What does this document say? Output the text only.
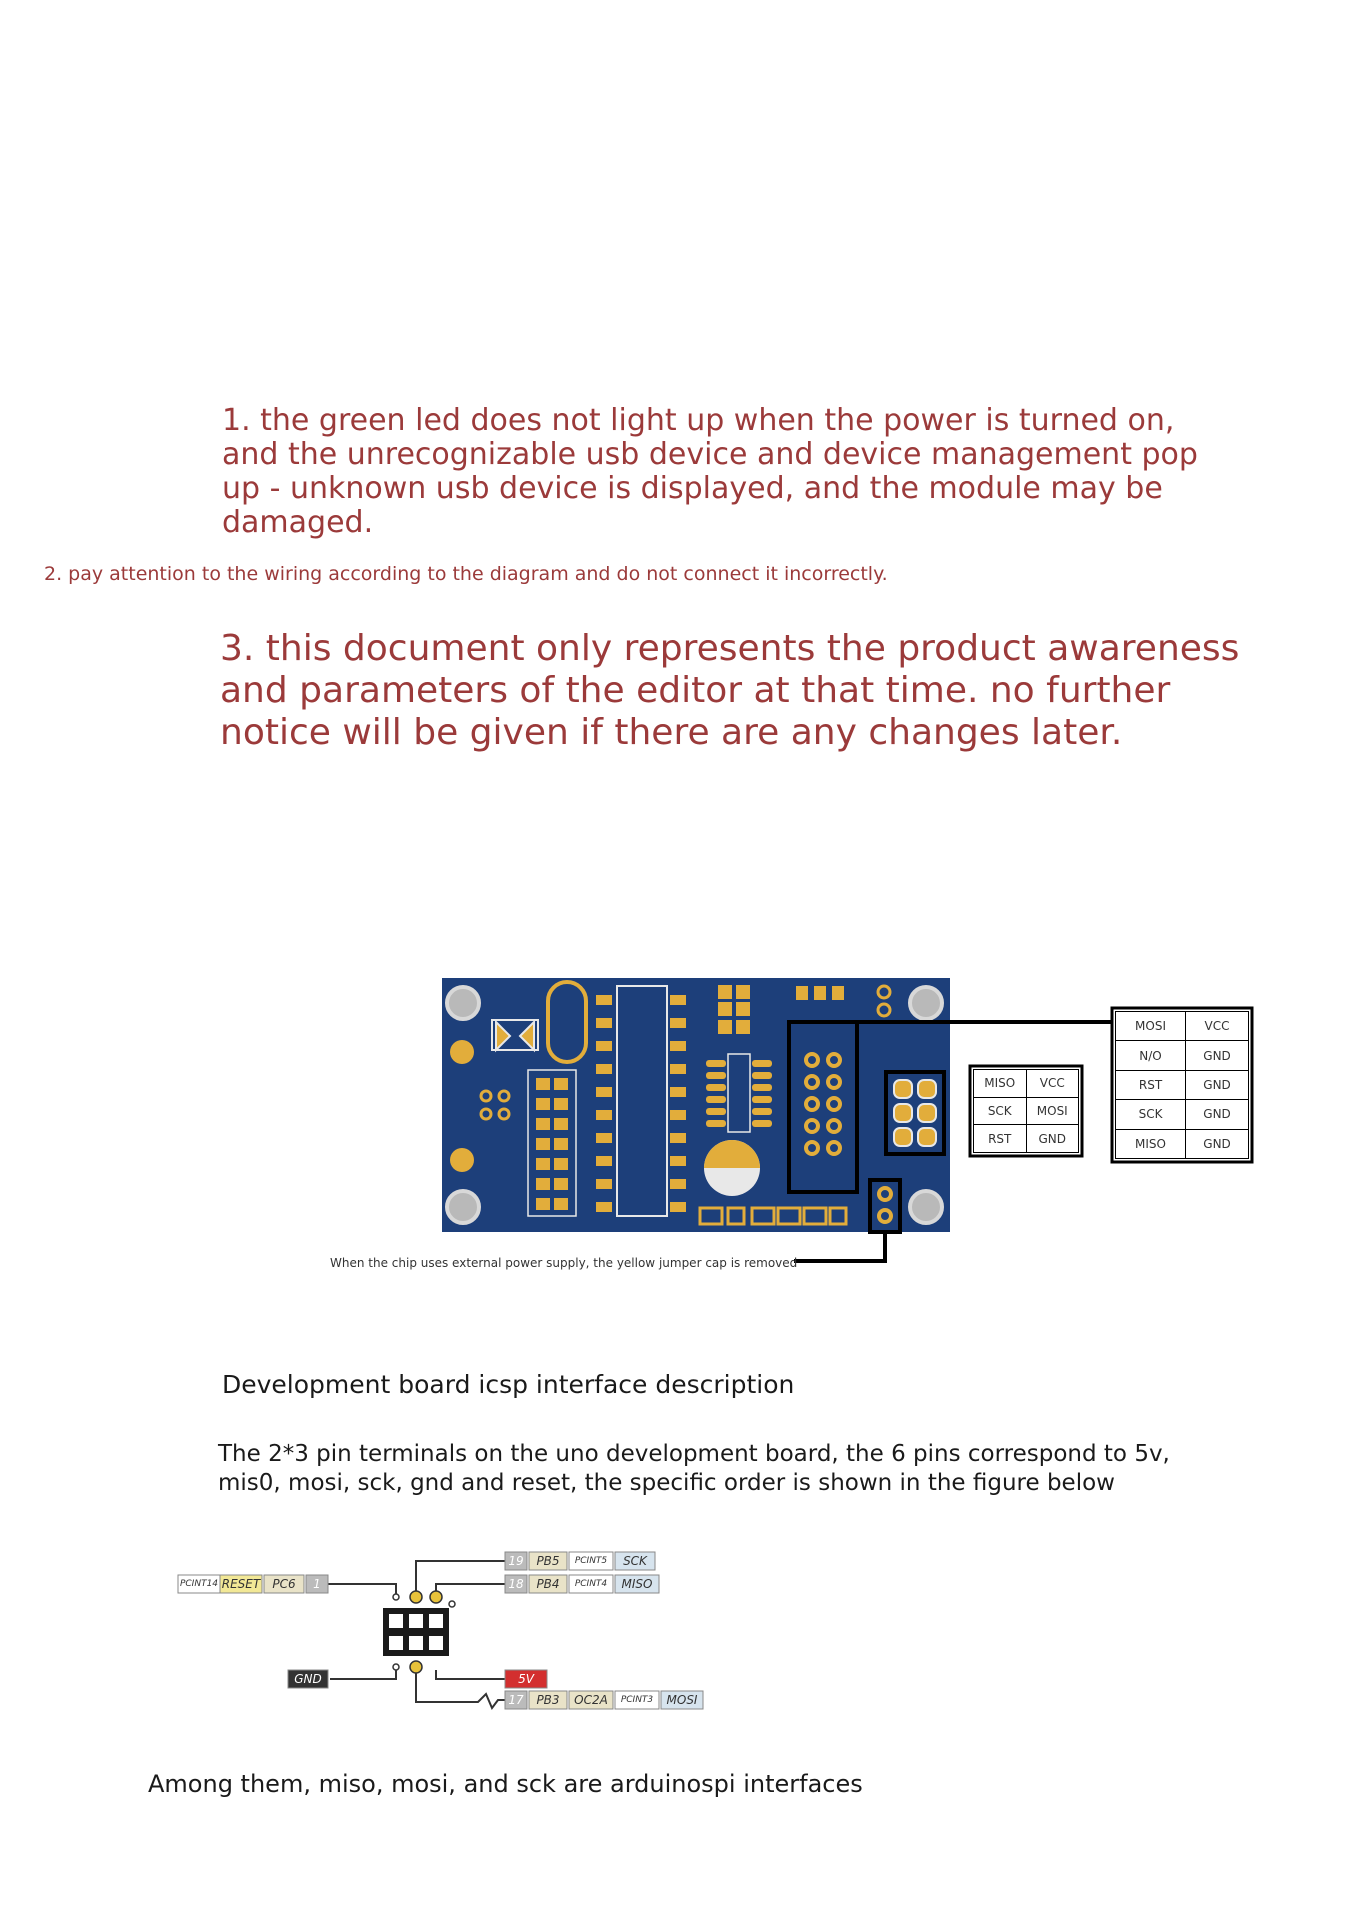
1. the green led does not light up when the power is turned on, and the unrecognizable usb device and device management pop up - unknown usb device is displayed, and the module may be damaged.
2. pay attention to the wiring according to the diagram and do not connect it incorrectly.
3. this document only represents the product awareness and parameters of the editor at that time. no further notice will be given if there are any changes later.
MISO	VCC
SCK	MOSI
RST	GND
MOSI	VCC
N/O	GND
RST	GND
SCK	GND
MISO	GND
When the chip uses external power supply, the yellow jumper cap is removed
Development board icsp interface description
The 2*3 pin terminals on the uno development board, the 6 pins correspond to 5v, mis0, mosi, sck, gnd and reset, the specific order is shown in the figure below
PCINT14 RESET	PC6	1
19	PB5	PCINT5	SCK
18	PB4	PCINT4	MISO
GND	5V
17	PB3	OC2A	PCINT3	MOSI
Among them, miso, mosi, and sck are arduinospi interfaces
